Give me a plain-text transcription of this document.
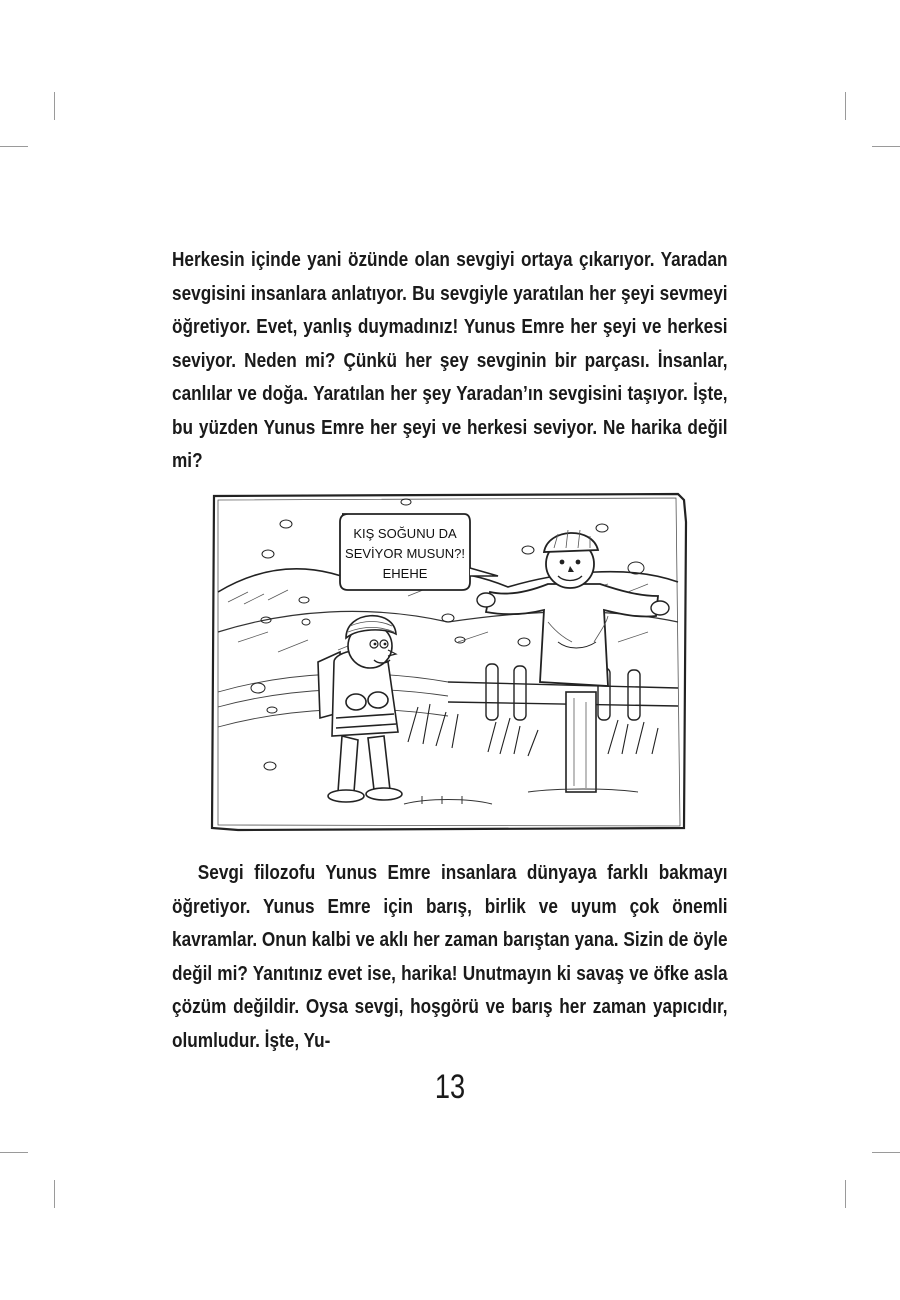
Herkesin içinde yani özünde olan sevgiyi ortaya çıkarıyor. Yaradan sevgisini insanlara anlatıyor. Bu sevgiyle yaratılan her şeyi sevmeyi öğretiyor. Evet, yanlış duymadınız! Yunus Emre her şeyi ve herkesi seviyor. Neden mi? Çünkü her şey sevginin bir parçası. İnsanlar, canlılar ve doğa. Yaratılan her şey Yaradan’ın sevgisini taşıyor. İşte, bu yüzden Yunus Emre her şeyi ve herkesi seviyor. Ne harika değil mi?

KIŞ SOĞUNU DA
SEVİYOR MUSUN?!
EHEHE

Sevgi filozofu Yunus Emre insanlara dünyaya farklı bakmayı öğretiyor. Yunus Emre için barış, birlik ve uyum çok önemli kavramlar. Onun kalbi ve aklı her zaman barıştan yana. Sizin de öyle değil mi? Yanıtınız evet ise, harika! Unutmayın ki savaş ve öfke asla çözüm değildir. Oysa sevgi, hoşgörü ve barış her zaman yapıcıdır, olumludur. İşte, Yu-

13
